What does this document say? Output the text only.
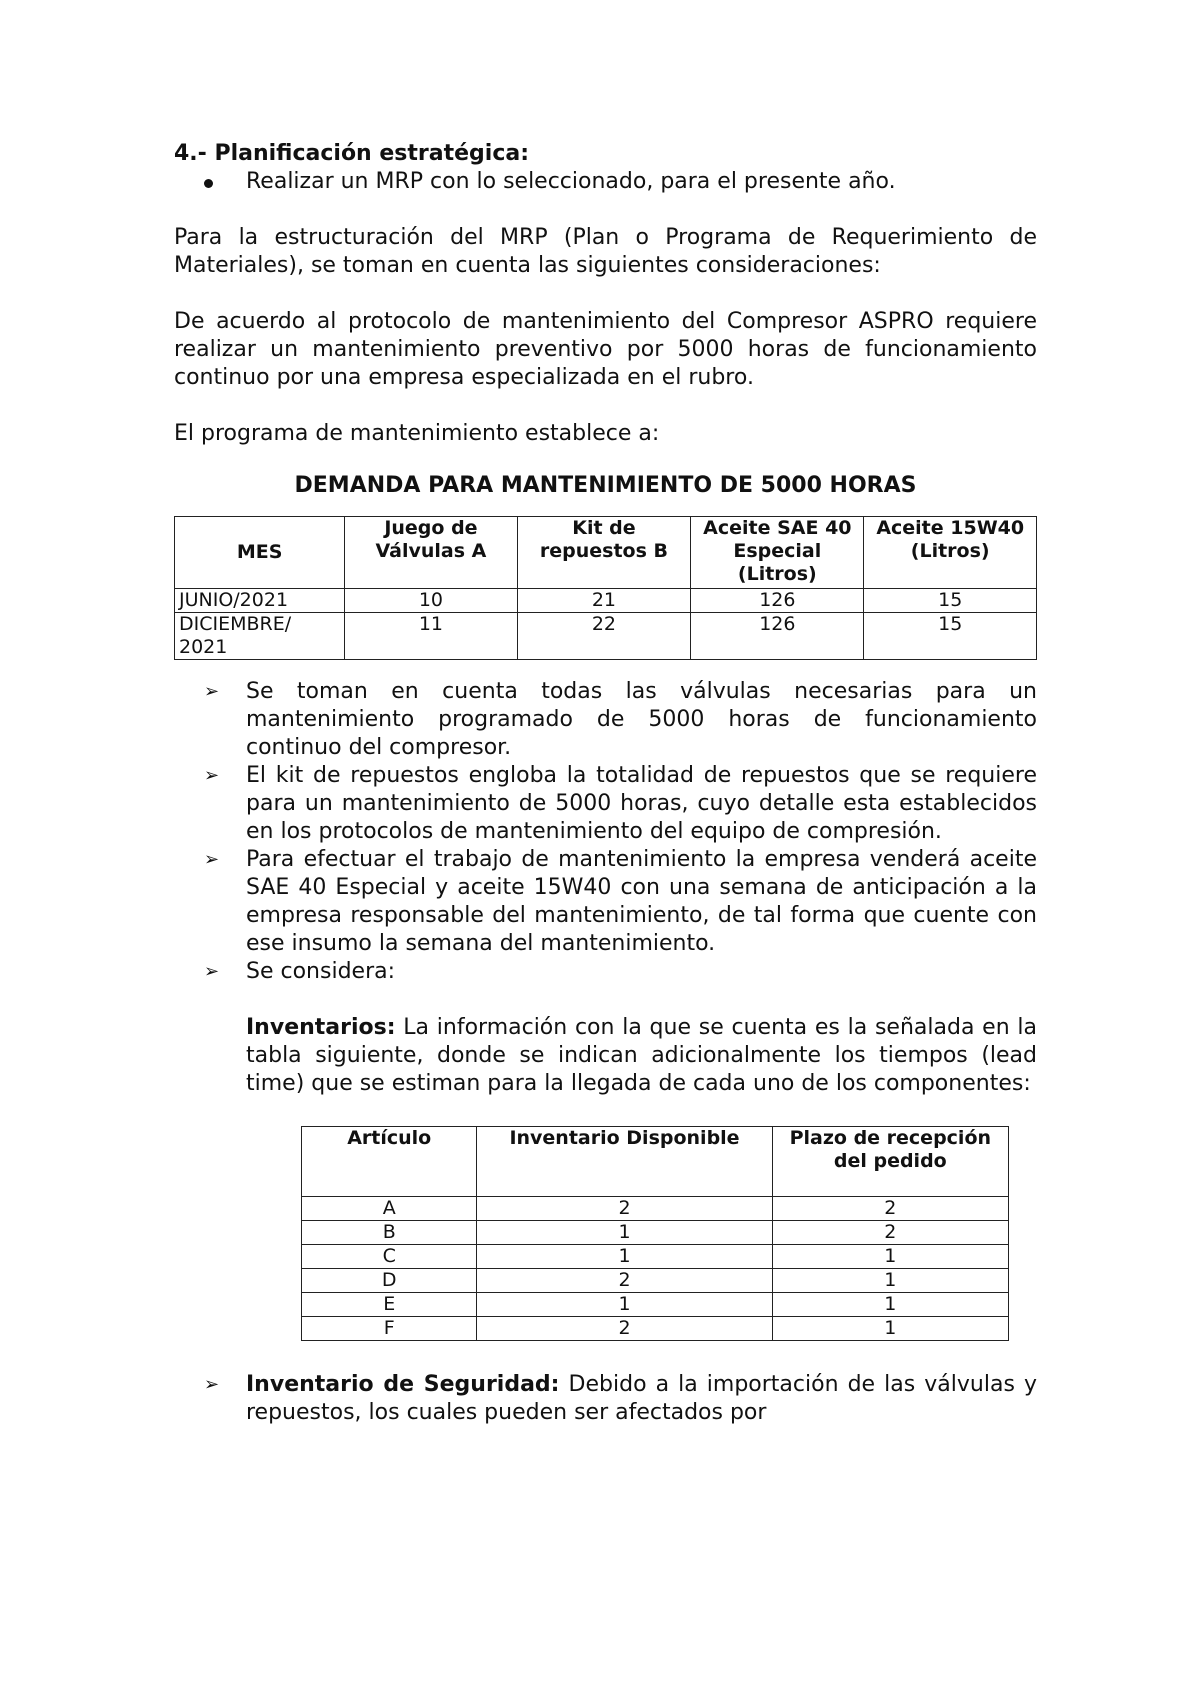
4.- Planificación estratégica:

Realizar un MRP con lo seleccionado, para el presente año.

Para la estructuración del MRP (Plan o Programa de Requerimiento de Materiales), se toman en cuenta las siguientes consideraciones:

De acuerdo al protocolo de mantenimiento del Compresor ASPRO requiere realizar un mantenimiento preventivo por 5000 horas de funcionamiento continuo por una empresa especializada en el rubro.

El programa de mantenimiento establece a:

DEMANDA PARA MANTENIMIENTO DE 5000 HORAS
MES	Juego de Válvulas A	Kit de repuestos B	Aceite SAE 40 Especial (Litros)	Aceite 15W40 (Litros)
JUNIO/2021	10	21	126	15
DICIEMBRE/ 2021	11	22	126	15
➢	Se toman en cuenta todas las válvulas necesarias para un mantenimiento programado de 5000 horas de funcionamiento continuo del compresor.
➢	El kit de repuestos engloba la totalidad de repuestos que se requiere para un mantenimiento de 5000 horas, cuyo detalle esta establecidos en los protocolos de mantenimiento del equipo de compresión.
➢	Para efectuar el trabajo de mantenimiento la empresa venderá aceite SAE 40 Especial y aceite 15W40 con una semana de anticipación a la empresa responsable del mantenimiento, de tal forma que cuente con ese insumo la semana del mantenimiento.
➢	Se considera:

Inventarios: La información con la que se cuenta es la señalada en la tabla siguiente, donde se indican adicionalmente los tiempos (lead time) que se estiman para la llegada de cada uno de los componentes:

Artículo	Inventario Disponible	Plazo de recepción del pedido
A	2	2
B	1	2
C	1	1
D	2	1
E	1	1
F	2	1
➢	Inventario de Seguridad: Debido a la importación de las válvulas y repuestos, los cuales pueden ser afectados por
